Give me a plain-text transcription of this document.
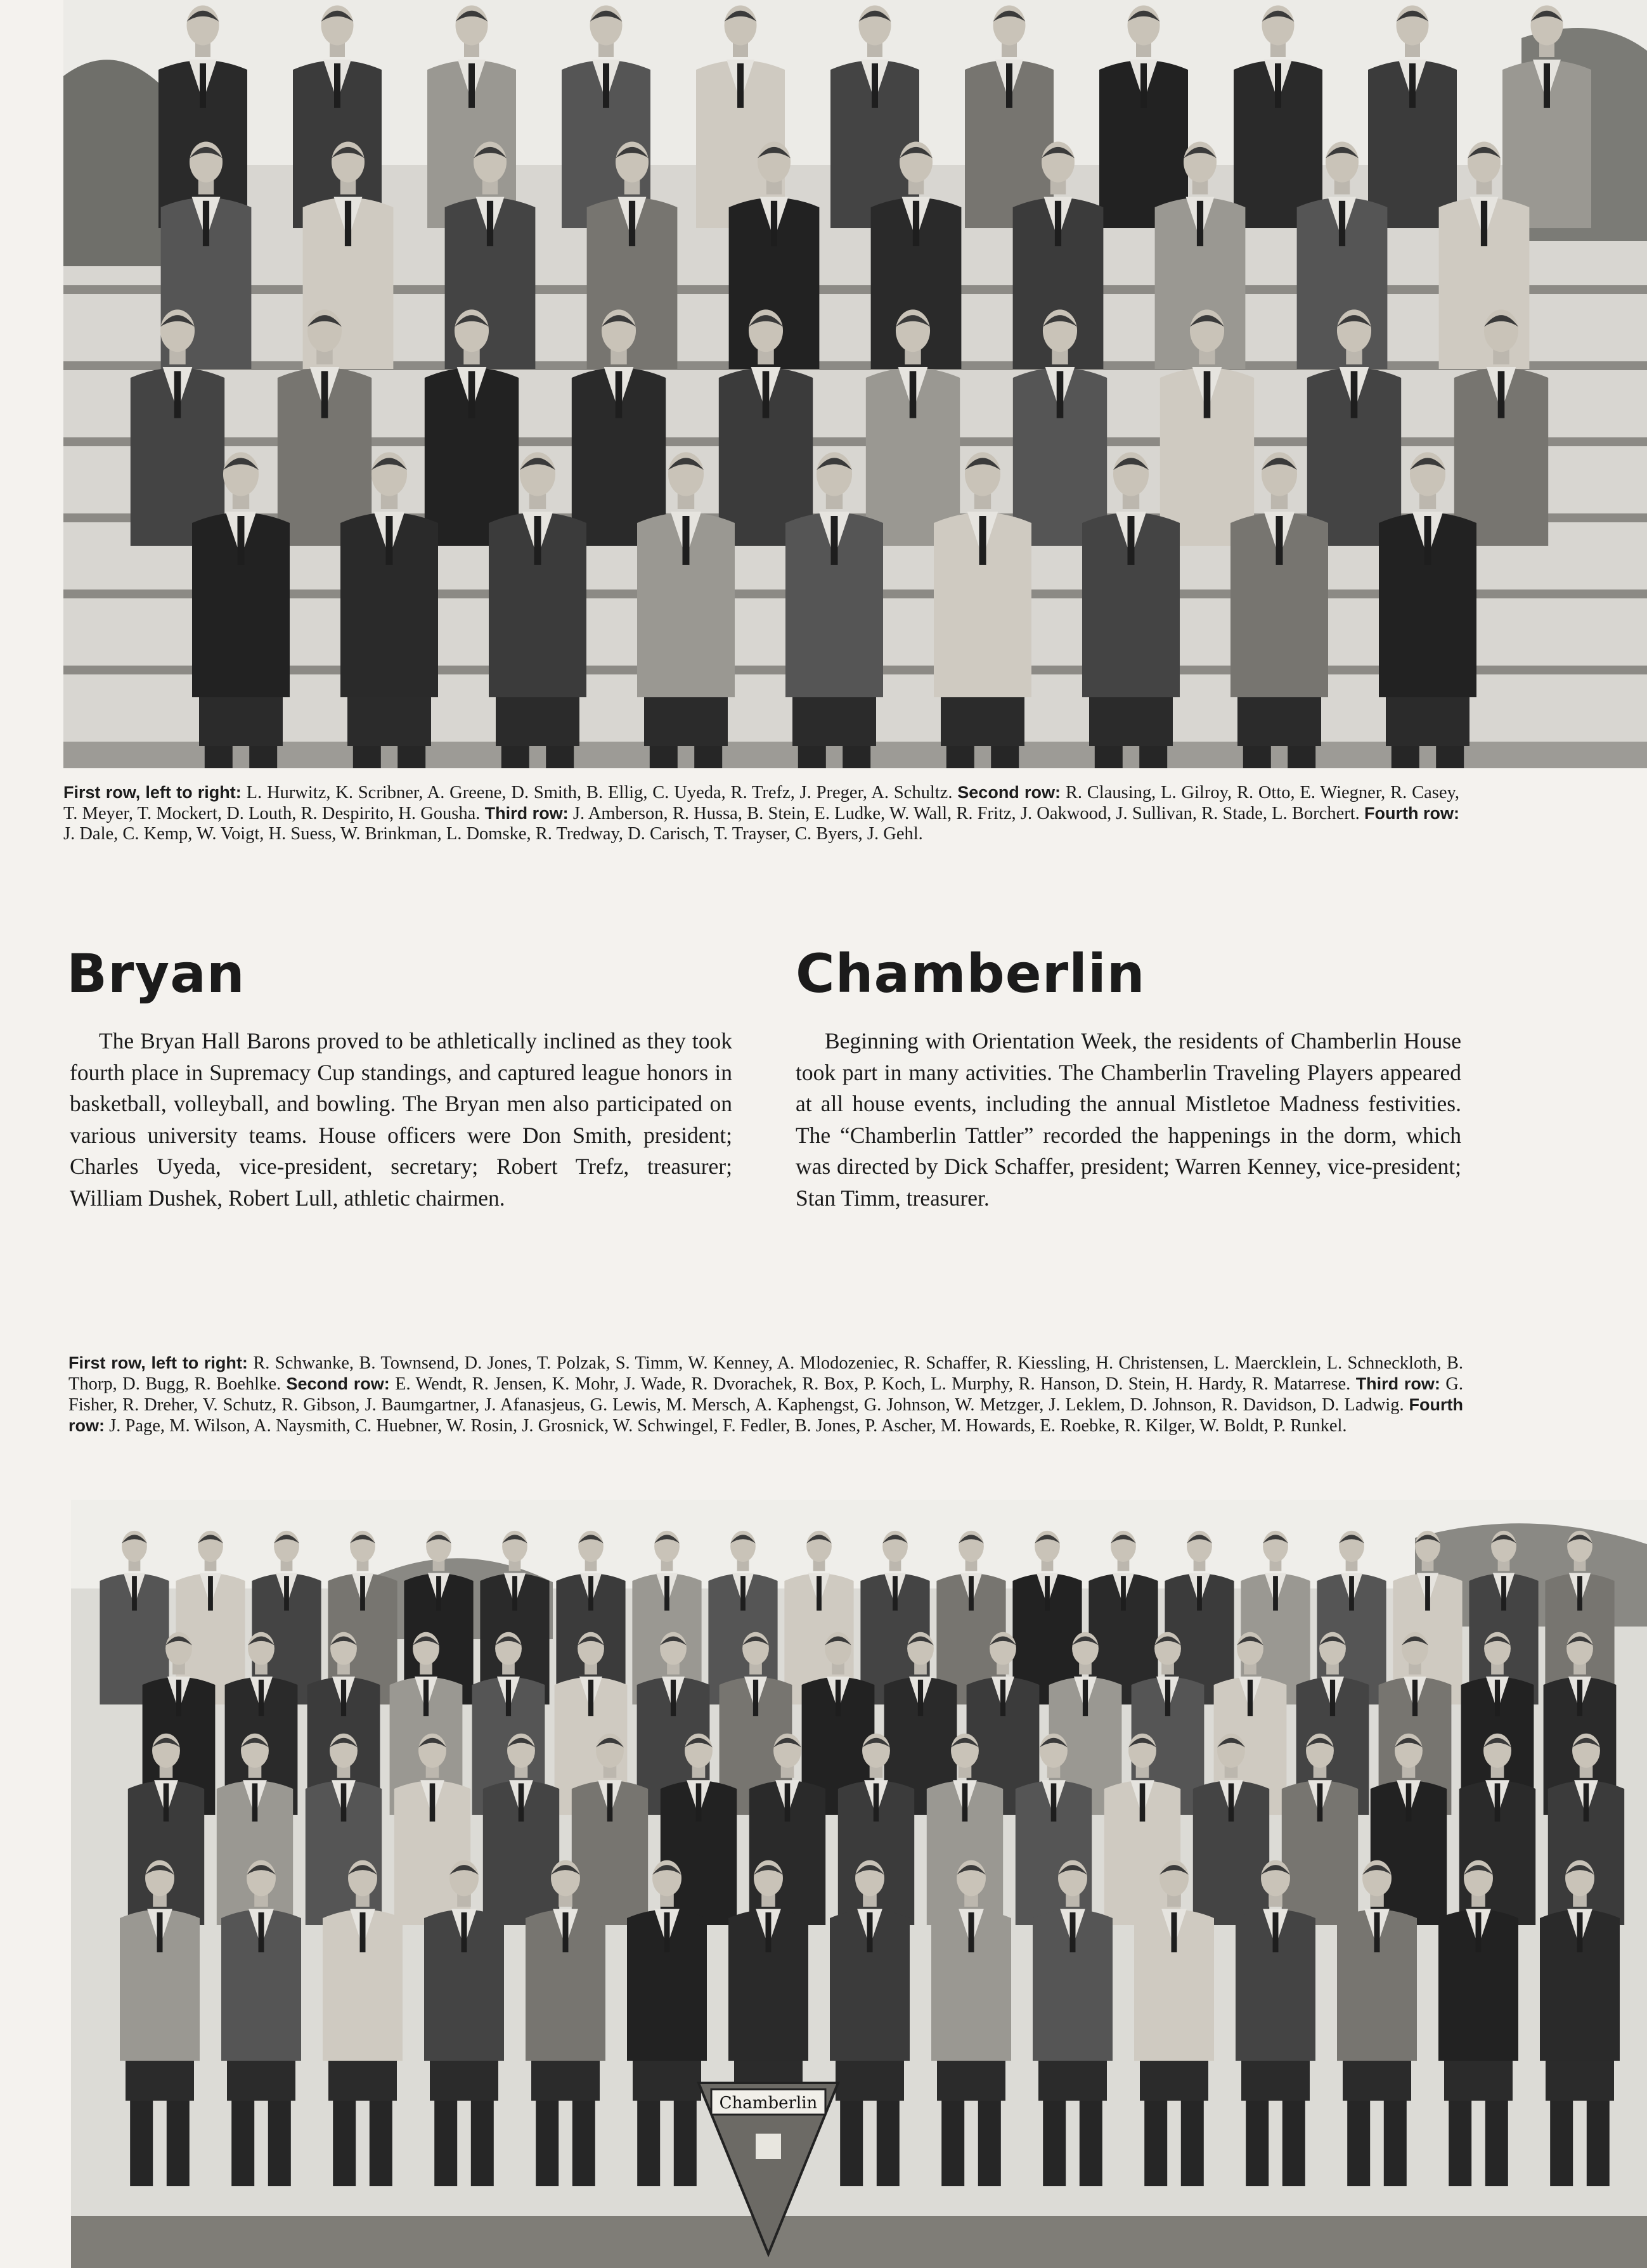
First row, left to right: L. Hurwitz, K. Scribner, A. Greene, D. Smith, B. Ellig, C. Uyeda, R. Trefz, J. Preger, A. Schultz. Second row: R. Clausing, L. Gilroy, R. Otto, E. Wiegner, R. Casey, T. Meyer, T. Mockert, D. Louth, R. Despirito, H. Gousha. Third row: J. Amberson, R. Hussa, B. Stein, E. Ludke, W. Wall, R. Fritz, J. Oakwood, J. Sullivan, R. Stade, L. Borchert. Fourth row: J. Dale, C. Kemp, W. Voigt, H. Suess, W. Brinkman, L. Domske, R. Tredway, D. Carisch, T. Trayser, C. Byers, J. Gehl.

Bryan	Chamberlin

The Bryan Hall Barons proved to be athletically inclined as they took fourth place in Supremacy Cup standings, and captured league honors in basketball, volleyball, and bowling. The Bryan men also participated on various university teams. House officers were Don Smith, president; Charles Uyeda, vice-president, secretary; Robert Trefz, treasurer; William Dushek, Robert Lull, athletic chairmen.

Beginning with Orientation Week, the residents of Chamberlin House took part in many activities. The Chamberlin Traveling Players appeared at all house events, including the annual Mistletoe Madness festivities. The “Chamberlin Tattler” recorded the happenings in the dorm, which was directed by Dick Schaffer, president; Warren Kenney, vice-president; Stan Timm, treasurer.

First row, left to right: R. Schwanke, B. Townsend, D. Jones, T. Polzak, S. Timm, W. Kenney, A. Mlodozeniec, R. Schaffer, R. Kiessling, H. Christensen, L. Maercklein, L. Schneckloth, B. Thorp, D. Bugg, R. Boehlke. Second row: E. Wendt, R. Jensen, K. Mohr, J. Wade, R. Dvorachek, R. Box, P. Koch, L. Murphy, R. Hanson, D. Stein, H. Hardy, R. Matarrese. Third row: G. Fisher, R. Dreher, V. Schutz, R. Gibson, J. Baumgartner, J. Afanasjeus, G. Lewis, M. Mersch, A. Kaphengst, G. Johnson, W. Metzger, J. Leklem, D. Johnson, R. Davidson, D. Ladwig. Fourth row: J. Page, M. Wilson, A. Naysmith, C. Huebner, W. Rosin, J. Grosnick, W. Schwingel, F. Fedler, B. Jones, P. Ascher, M. Howards, E. Roebke, R. Kilger, W. Boldt, P. Runkel.

Chamberlin
